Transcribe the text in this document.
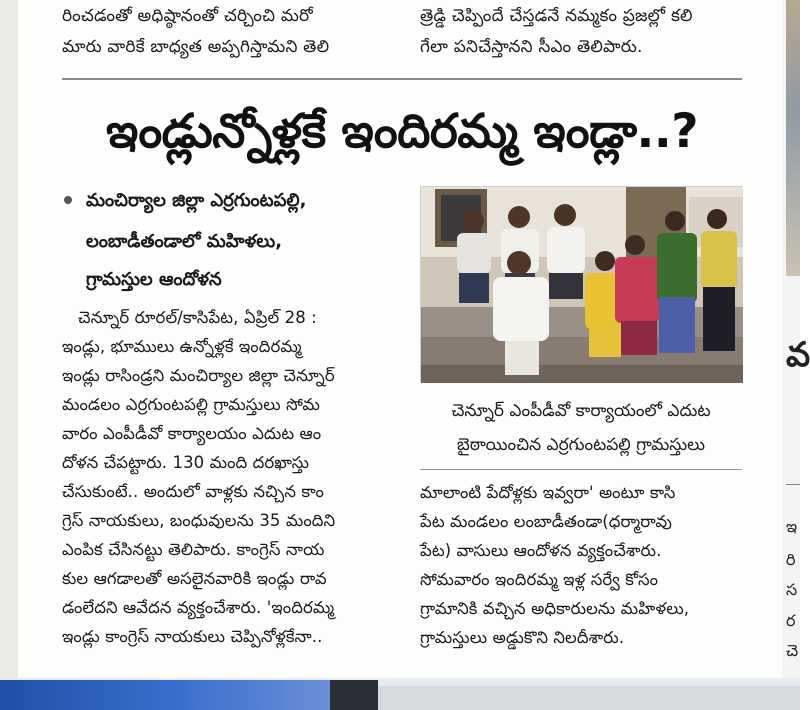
రించడంతో అధిష్ఠానంతో చర్చించి మరో
మారు వారికే బాధ్యత అప్పగిస్తామని తెలి
త్రెడ్డి చెప్పిందే చేస్తడనే నమ్మకం ప్రజల్లో కలి
గేలా పనిచేస్తానని సీఎం తెలిపారు.
ఇండ్లున్నోళ్లకే ఇందిరమ్మ ఇండ్లా..?
మంచిర్యాల జిల్లా ఎర్రగుంటపల్లి,
లంబాడీతండాలో మహిళలు,
గ్రామస్తుల ఆందోళన
చెన్నూర్ రూరల్/కాసిపేట, ఏప్రిల్ 28 :
ఇండ్లు, భూములు ఉన్నోళ్లకే ఇందిరమ్మ
ఇండ్లు రాసిండ్రని మంచిర్యాల జిల్లా చెన్నూర్
మండలం ఎర్రగుంటపల్లి గ్రామస్తులు సోమ
వారం ఎంపీడీవో కార్యాలయం ఎదుట ఆం
దోళన చేపట్టారు. 130 మంది దరఖాస్తు
చేసుకుంటే.. అందులో వాళ్లకు నచ్చిన కాం
గ్రెస్ నాయకులు, బంధువులను 35 మందిని
ఎంపిక చేసినట్టు తెలిపారు. కాంగ్రెస్ నాయ
కుల ఆగడాలతో అసలైనవారికి ఇండ్లు రావ
డంలేదని ఆవేదన వ్యక్తంచేశారు. 'ఇందిరమ్మ
ఇండ్లు కాంగ్రెస్ నాయకులు చెప్పినోళ్లకేనా..
చెన్నూర్ ఎంపీడీవో కార్యాయంలో ఎదుట
బైఠాయించిన ఎర్రగుంటపల్లి గ్రామస్తులు
మాలాంటి పేదోళ్లకు ఇవ్వరా' అంటూ కాసి
పేట మండలం లంబాడీతండా(ధర్మారావు
పేట) వాసులు ఆందోళన వ్యక్తంచేశారు.
సోమవారం ఇందిరమ్మ ఇళ్ల సర్వే కోసం
గ్రామానికి వచ్చిన అధికారులను మహిళలు,
గ్రామస్తులు అడ్డుకొని నిలదీశారు.
వ
ఇ
రి
స
ర
చె
